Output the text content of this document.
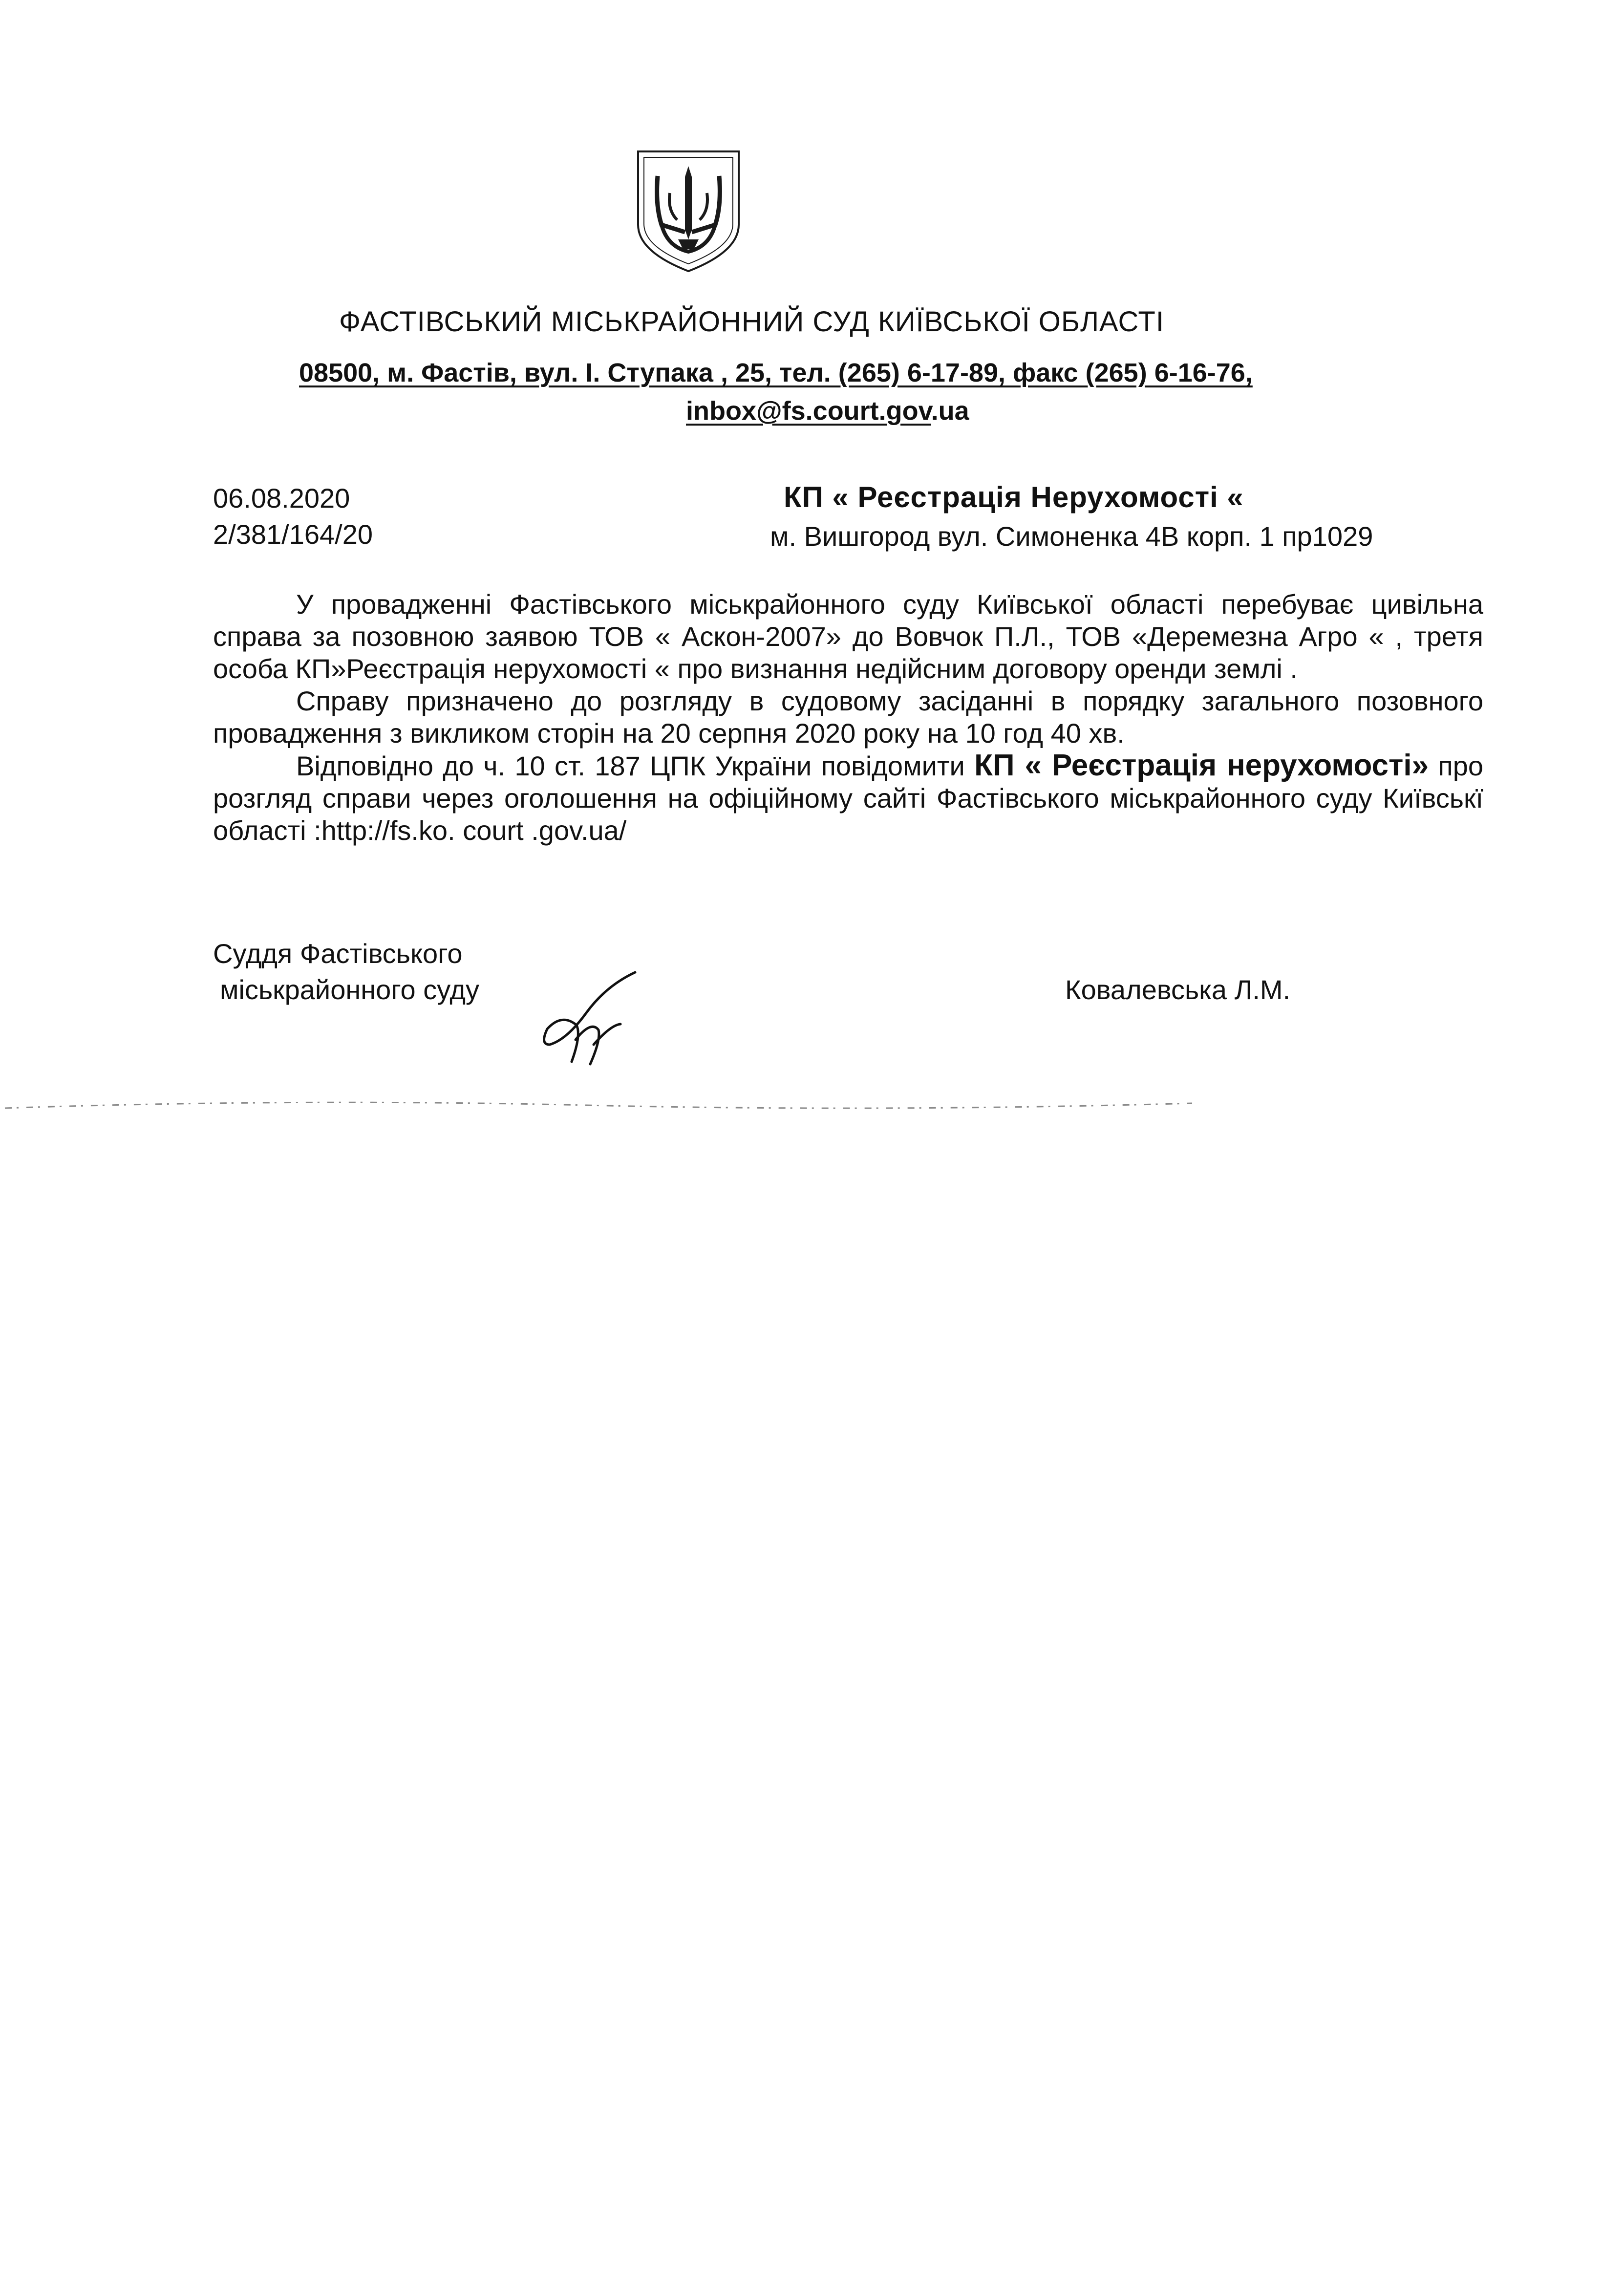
ФАСТІВСЬКИЙ МІСЬКРАЙОННИЙ СУД КИЇВСЬКОЇ ОБЛАСТІ
08500, м. Фастів, вул. І. Ступака , 25, тел. (265) 6-17-89, факс (265) 6-16-76,
inbox@fs.court.gov.ua
06.08.2020
2/381/164/20
КП « Реєстрація Нерухомості «
м. Вишгород вул. Симоненка 4В корп. 1 пр1029

У провадженні Фастівського міськрайонного суду Київської області перебуває цивільна справа за позовною заявою ТОВ « Аскон-2007» до Вовчок П.Л., ТОВ «Деремезна Агро « , третя особа КП»Реєстрація нерухомості « про визнання недійсним договору оренди землі .

Справу призначено до розгляду в судовому засіданні в порядку загального позовного провадження з викликом сторін на 20 серпня 2020 року на 10 год 40 хв.

Відповідно до ч. 10 ст. 187 ЦПК України повідомити КП « Реєстрація нерухомості» про розгляд справи через оголошення на офіційному сайті Фастівського міськрайонного суду Київськї області :http://fs.ko. court .gov.ua/

Суддя Фастівського
міськрайонного суду	Ковалевська Л.М.
